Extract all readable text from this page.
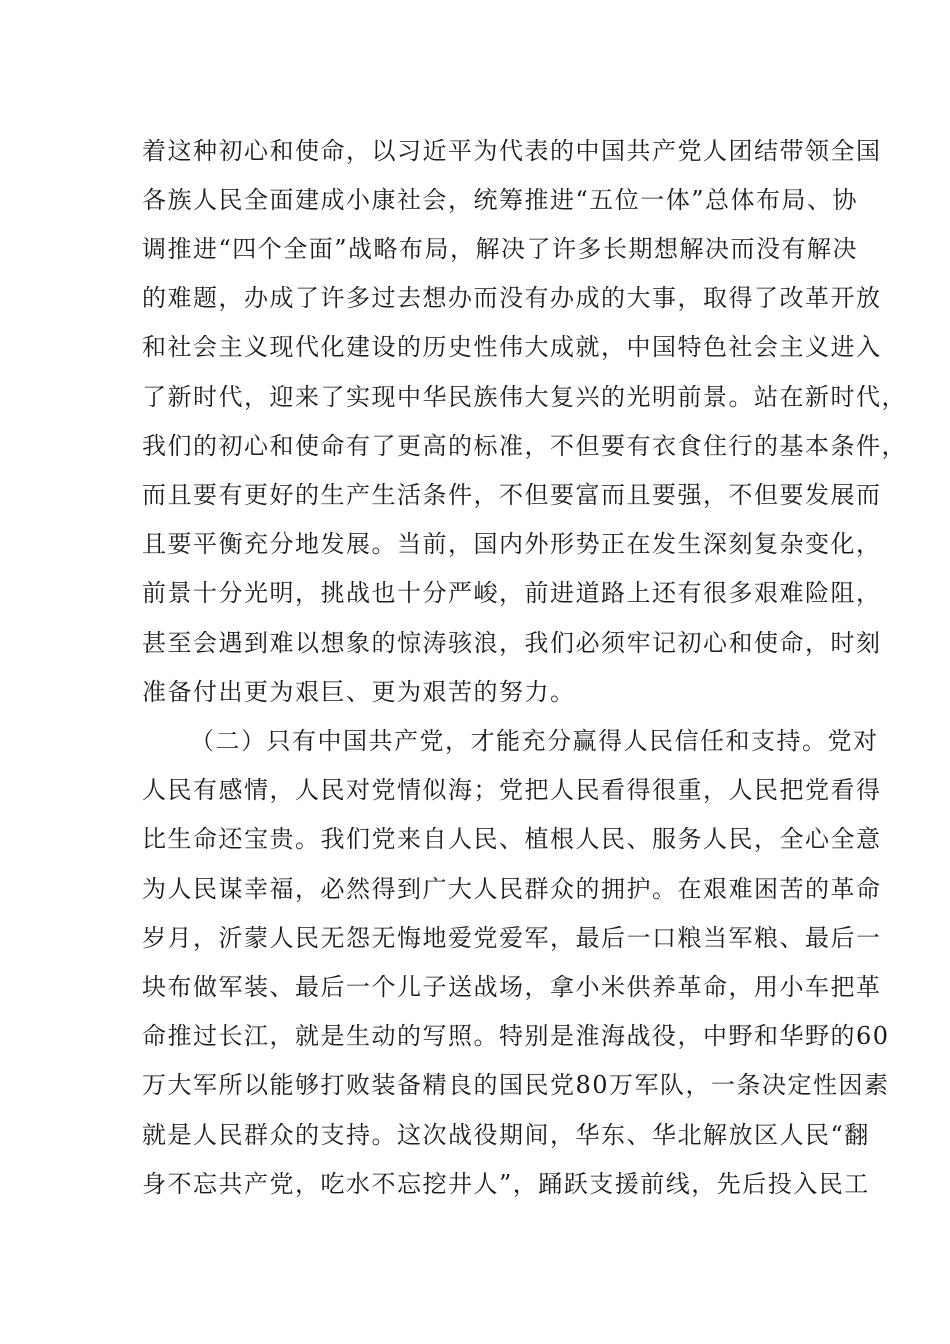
着这种初心和使命，以习近平为代表的中国共产党人团结带领全国
各族人民全面建成小康社会，统筹推进“五位一体”总体布局、协
调推进“四个全面”战略布局，解决了许多长期想解决而没有解决
的难题，办成了许多过去想办而没有办成的大事，取得了改革开放
和社会主义现代化建设的历史性伟大成就，中国特色社会主义进入
了新时代，迎来了实现中华民族伟大复兴的光明前景。站在新时代，
我们的初心和使命有了更高的标准，不但要有衣食住行的基本条件，
而且要有更好的生产生活条件，不但要富而且要强，不但要发展而
且要平衡充分地发展。当前，国内外形势正在发生深刻复杂变化，
前景十分光明，挑战也十分严峻，前进道路上还有很多艰难险阻，
甚至会遇到难以想象的惊涛骇浪，我们必须牢记初心和使命，时刻
准备付出更为艰巨、更为艰苦的努力。
（二）只有中国共产党，才能充分赢得人民信任和支持。党对
人民有感情，人民对党情似海；党把人民看得很重，人民把党看得
比生命还宝贵。我们党来自人民、植根人民、服务人民，全心全意
为人民谋幸福，必然得到广大人民群众的拥护。在艰难困苦的革命
岁月，沂蒙人民无怨无悔地爱党爱军，最后一口粮当军粮、最后一
块布做军装、最后一个儿子送战场，拿小米供养革命，用小车把革
命推过长江，就是生动的写照。特别是淮海战役，中野和华野的60
万大军所以能够打败装备精良的国民党80万军队，一条决定性因素
就是人民群众的支持。这次战役期间，华东、华北解放区人民“翻
身不忘共产党，吃水不忘挖井人”，踊跃支援前线，先后投入民工
